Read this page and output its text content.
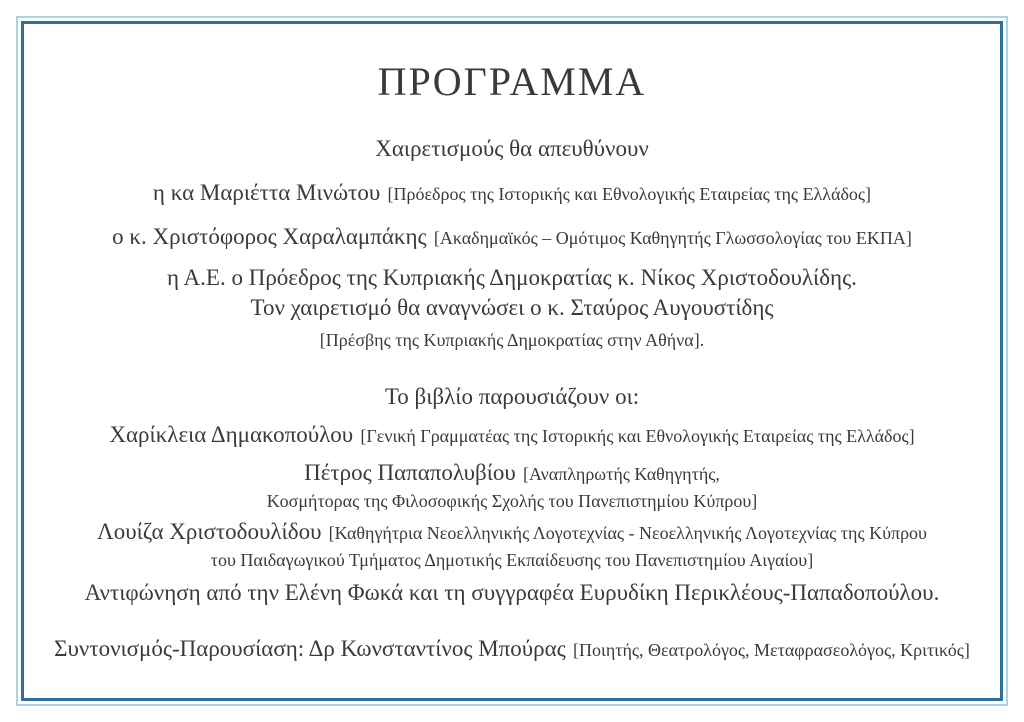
ΠΡΟΓΡΑΜΜΑ
Χαιρετισμούς θα απευθύνουν
η κα Μαριέττα Μινώτου [Πρόεδρος της Ιστορικής και Εθνολογικής Εταιρείας της Ελλάδος]
ο κ. Χριστόφορος Χαραλαμπάκης [Ακαδημαϊκός – Ομότιμος Καθηγητής Γλωσσολογίας του ΕΚΠΑ]
η Α.Ε. ο Πρόεδρος της Κυπριακής Δημοκρατίας κ. Νίκος Χριστοδουλίδης.
Τον χαιρετισμό θα αναγνώσει ο κ. Σταύρος Αυγουστίδης
[Πρέσβης της Κυπριακής Δημοκρατίας στην Αθήνα].
Το βιβλίο παρουσιάζουν οι:
Χαρίκλεια Δημακοπούλου [Γενική Γραμματέας της Ιστορικής και Εθνολογικής Εταιρείας της Ελλάδος]
Πέτρος Παπαπολυβίου [Αναπληρωτής Καθηγητής,
Κοσμήτορας της Φιλοσοφικής Σχολής του Πανεπιστημίου Κύπρου]
Λουίζα Χριστοδουλίδου [Καθηγήτρια Νεοελληνικής Λογοτεχνίας - Νεοελληνικής Λογοτεχνίας της Κύπρου
του Παιδαγωγικού Τμήματος Δημοτικής Εκπαίδευσης του Πανεπιστημίου Αιγαίου]
Αντιφώνηση από την Ελένη Φωκά και τη συγγραφέα Ευρυδίκη Περικλέους-Παπαδοπούλου.
Συντονισμός-Παρουσίαση: Δρ Κωνσταντίνος Μπούρας [Ποιητής, Θεατρολόγος, Μεταφρασεολόγος, Κριτικός]
